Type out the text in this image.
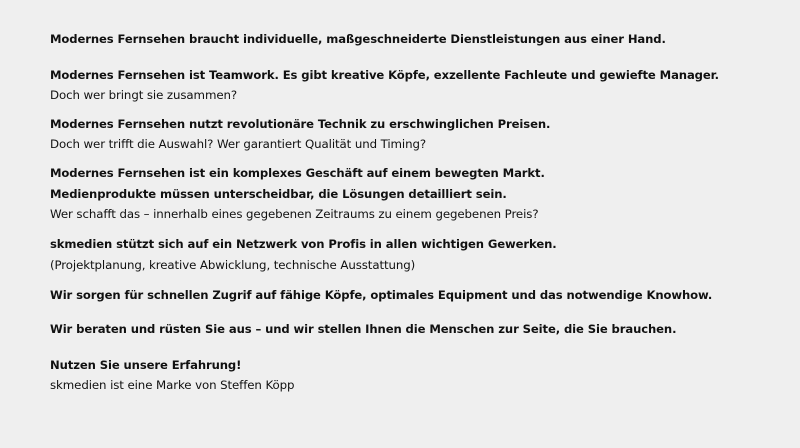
Modernes Fernsehen braucht individuelle, maßgeschneiderte Dienstleistungen aus einer Hand.
Modernes Fernsehen ist Teamwork. Es gibt kreative Köpfe, exzellente Fachleute und gewiefte Manager.
Doch wer bringt sie zusammen?
Modernes Fernsehen nutzt revolutionäre Technik zu erschwinglichen Preisen.
Doch wer trifft die Auswahl? Wer garantiert Qualität und Timing?
Modernes Fernsehen ist ein komplexes Geschäft auf einem bewegten Markt.
Medienprodukte müssen unterscheidbar, die Lösungen detailliert sein.
Wer schafft das – innerhalb eines gegebenen Zeitraums zu einem gegebenen Preis?
skmedien stützt sich auf ein Netzwerk von Profis in allen wichtigen Gewerken.
(Projektplanung, kreative Abwicklung, technische Ausstattung)
Wir sorgen für schnellen Zugrif auf fähige Köpfe, optimales Equipment und das notwendige Knowhow.
Wir beraten und rüsten Sie aus – und wir stellen Ihnen die Menschen zur Seite, die Sie brauchen.
Nutzen Sie unsere Erfahrung!
skmedien ist eine Marke von Steffen Köpp
